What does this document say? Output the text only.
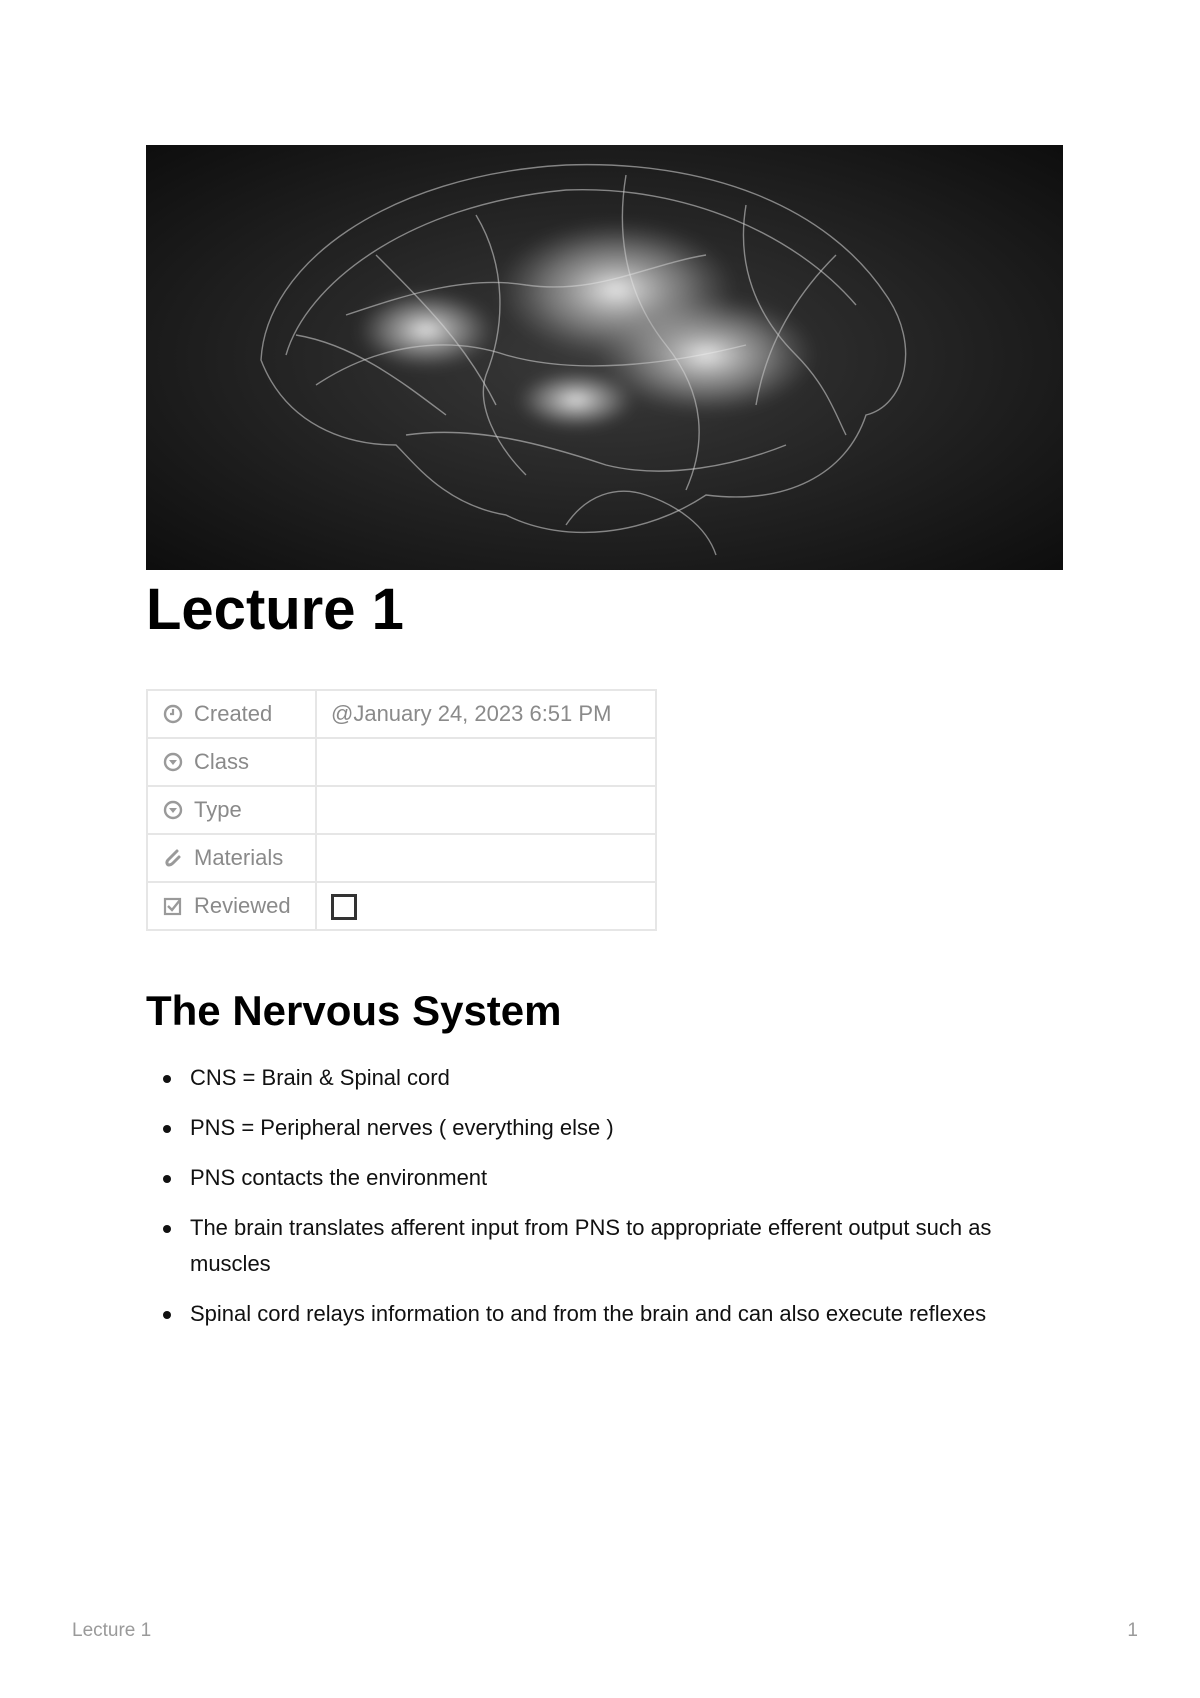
Lecture 1
Created	@January 24, 2023 6:51 PM
Class	
Type	
Materials	
Reviewed	
The Nervous System
CNS = Brain & Spinal cord
PNS = Peripheral nerves ( everything else )
PNS contacts the environment
The brain translates afferent input from PNS to appropriate efferent output such as muscles
Spinal cord relays information to and from the brain and can also execute reflexes
Lecture 1	1
